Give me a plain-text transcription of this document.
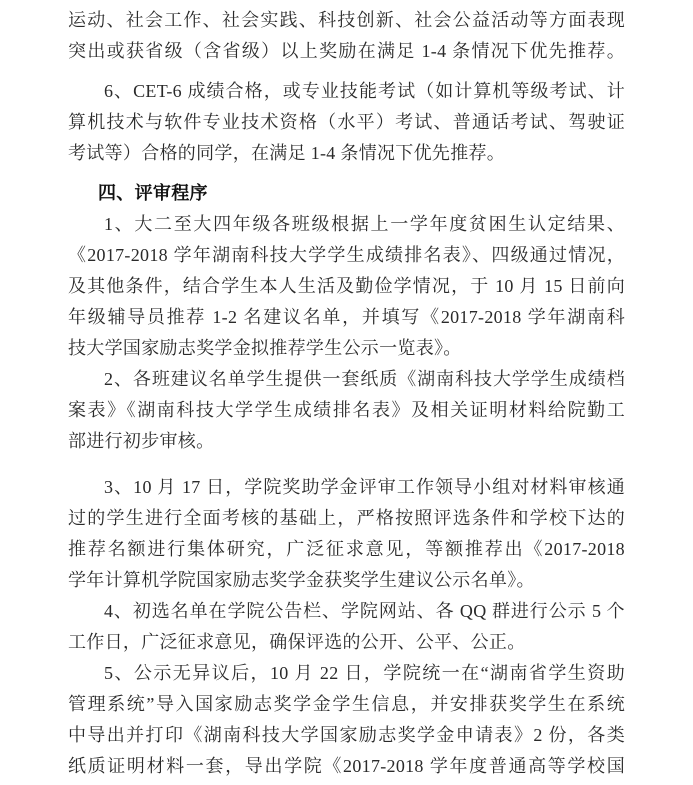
运动、社会工作、社会实践、科技创新、社会公益活动等方面表现
突出或获省级（含省级）以上奖励在满足 1-4 条情况下优先推荐。
6、CET-6 成绩合格，或专业技能考试（如计算机等级考试、计
算机技术与软件专业技术资格（水平）考试、普通话考试、驾驶证
考试等）合格的同学，在满足 1-4 条情况下优先推荐。
四、评审程序
1、大二至大四年级各班级根据上一学年度贫困生认定结果、
《2017-2018 学年湖南科技大学学生成绩排名表》、四级通过情况，
及其他条件，结合学生本人生活及勤俭学情况，于 10 月 15 日前向
年级辅导员推荐 1-2 名建议名单，并填写《2017-2018 学年湖南科
技大学国家励志奖学金拟推荐学生公示一览表》。
2、各班建议名单学生提供一套纸质《湖南科技大学学生成绩档
案表》《湖南科技大学学生成绩排名表》及相关证明材料给院勤工
部进行初步审核。
3、10 月 17 日，学院奖助学金评审工作领导小组对材料审核通
过的学生进行全面考核的基础上，严格按照评选条件和学校下达的
推荐名额进行集体研究，广泛征求意见，等额推荐出《2017-2018
学年计算机学院国家励志奖学金获奖学生建议公示名单》。
4、初选名单在学院公告栏、学院网站、各 QQ 群进行公示 5 个
工作日，广泛征求意见，确保评选的公开、公平、公正。
5、公示无异议后，10 月 22 日，学院统一在“湖南省学生资助
管理系统”导入国家励志奖学金学生信息，并安排获奖学生在系统
中导出并打印《湖南科技大学国家励志奖学金申请表》2 份，各类
纸质证明材料一套，导出学院《2017-2018 学年度普通高等学校国
